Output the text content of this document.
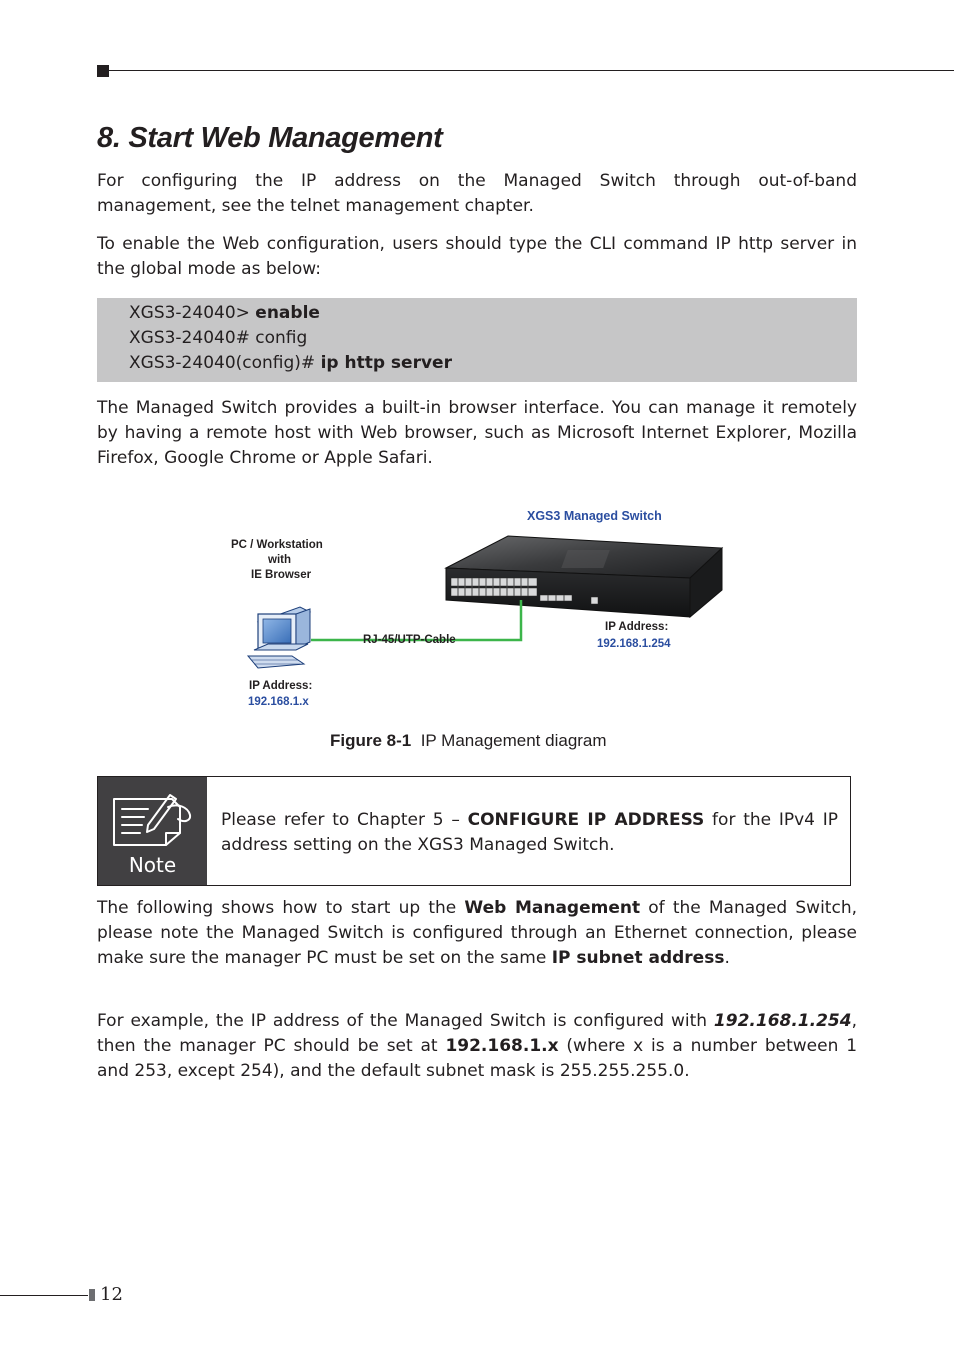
8. Start Web Management

For configuring the IP address on the Managed Switch through out-of-band management, see the telnet management chapter.

To enable the Web configuration, users should type the CLI command IP http server in the global mode as below:

XGS3-24040> enable
XGS3-24040# config
XGS3-24040(config)# ip http server

The Managed Switch provides a built-in browser interface. You can manage it remotely by having a remote host with Web browser, such as Microsoft Internet Explorer, Mozilla Firefox, Google Chrome or Apple Safari.

XGS3 Managed Switch
PC / Workstation
with
IE Browser
RJ-45/UTP-Cable
IP Address:
192.168.1.254
IP Address:
192.168.1.x
Figure 8-1 IP Management diagram
Note

Please refer to Chapter 5 – CONFIGURE IP ADDRESS for the IPv4 IP address setting on the XGS3 Managed Switch.

The following shows how to start up the Web Management of the Managed Switch, please note the Managed Switch is configured through an Ethernet connection, please make sure the manager PC must be set on the same IP subnet address.

For example, the IP address of the Managed Switch is configured with 192.168.1.254, then the manager PC should be set at 192.168.1.x (where x is a number between 1 and 253, except 254), and the default subnet mask is 255.255.255.0.

12
